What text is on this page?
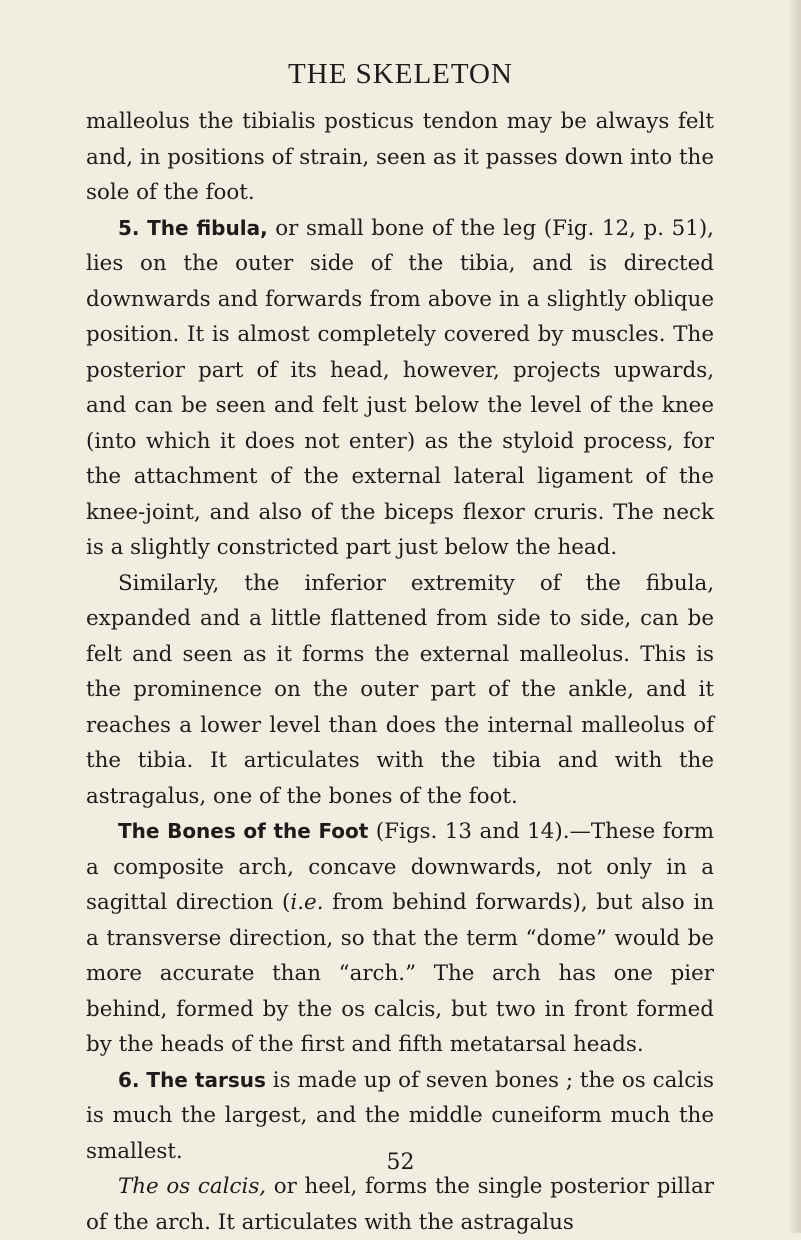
THE SKELETON

malleolus the tibialis posticus tendon may be always felt and, in positions of strain, seen as it passes down into the sole of the foot.

5. The fibula, or small bone of the leg (Fig. 12, p. 51), lies on the outer side of the tibia, and is directed downwards and forwards from above in a slightly oblique position. It is almost completely covered by muscles. The posterior part of its head, however, projects upwards, and can be seen and felt just below the level of the knee (into which it does not enter) as the styloid process, for the attachment of the external lateral ligament of the knee-joint, and also of the biceps flexor cruris. The neck is a slightly constricted part just below the head.

Similarly, the inferior extremity of the fibula, expanded and a little flattened from side to side, can be felt and seen as it forms the external malleolus. This is the prominence on the outer part of the ankle, and it reaches a lower level than does the internal malleolus of the tibia. It articulates with the tibia and with the astragalus, one of the bones of the foot.

The Bones of the Foot (Figs. 13 and 14).—These form a composite arch, concave downwards, not only in a sagittal direction (i.e. from behind forwards), but also in a transverse direction, so that the term “dome” would be more accurate than “arch.” The arch has one pier behind, formed by the os calcis, but two in front formed by the heads of the first and fifth metatarsal heads.

6. The tarsus is made up of seven bones ; the os calcis is much the largest, and the middle cuneiform much the smallest.

The os calcis, or heel, forms the single posterior pillar of the arch. It articulates with the astragalus

52
